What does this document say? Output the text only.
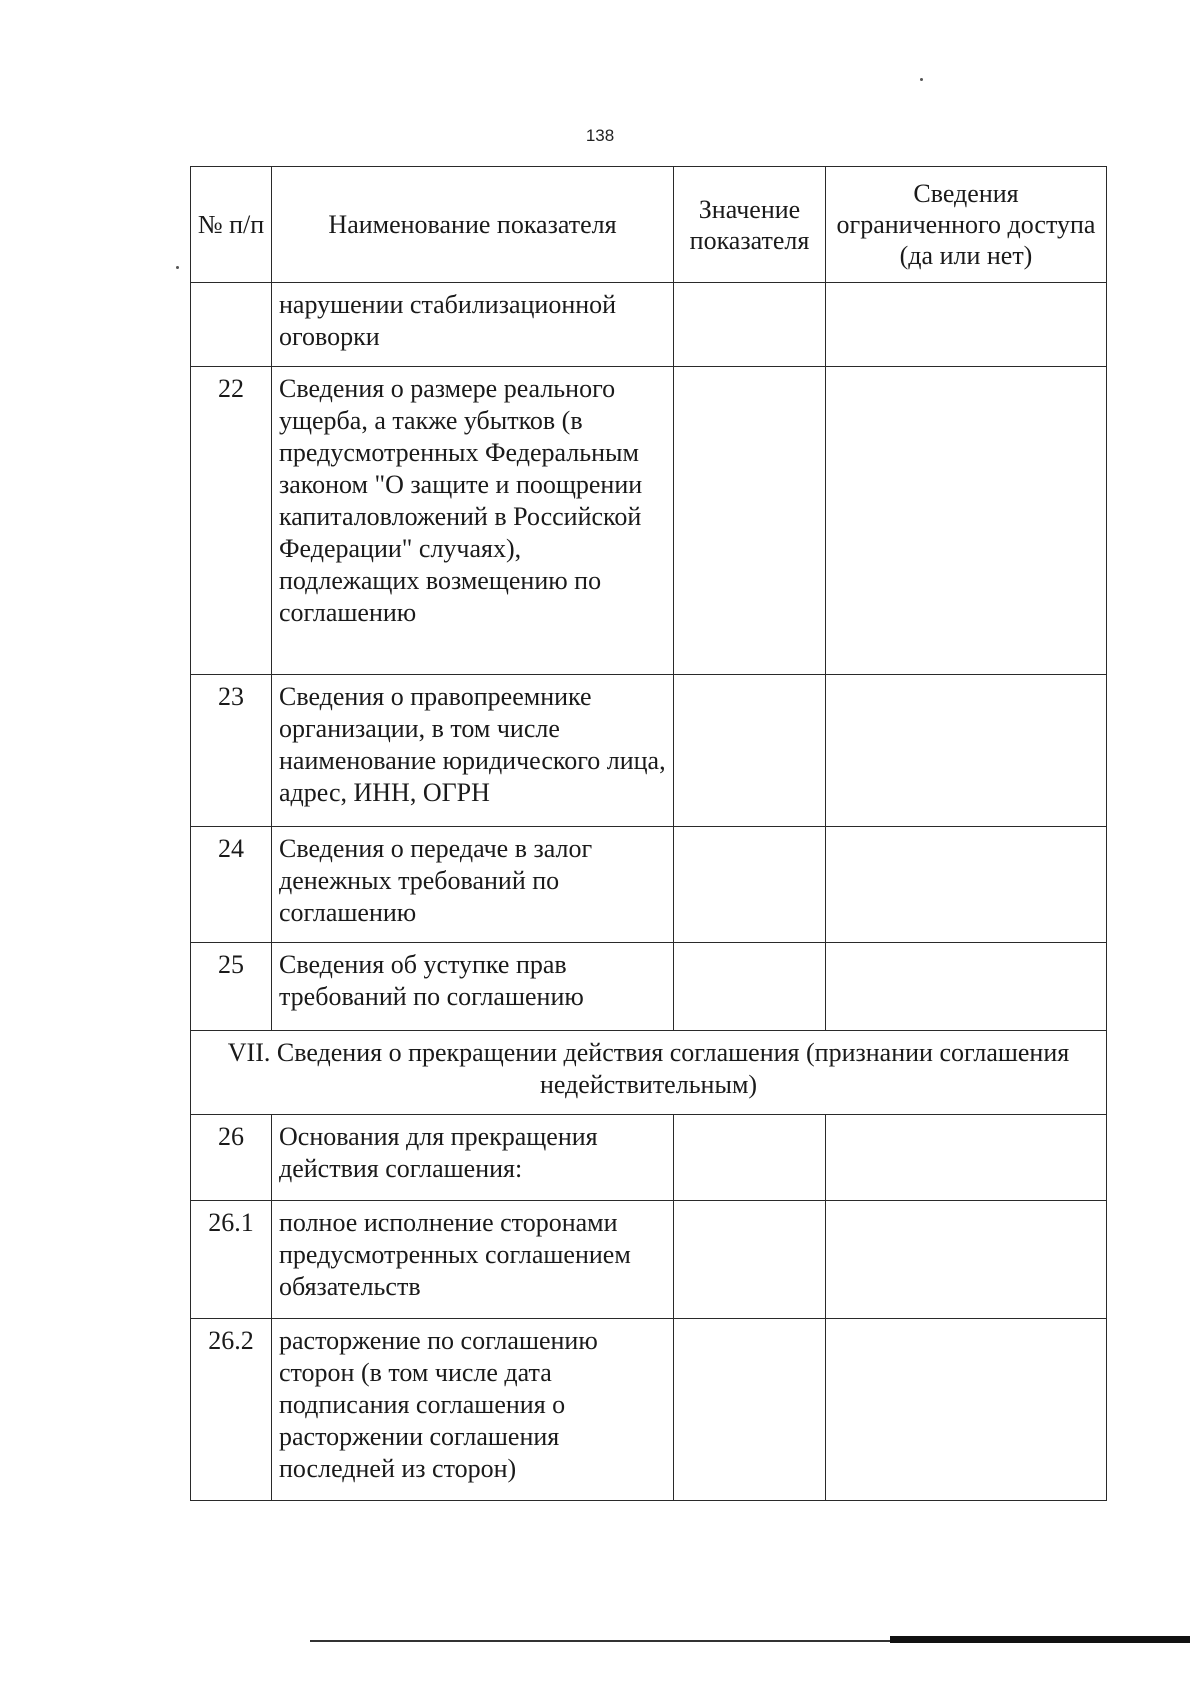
138
№ п/п	Наименование показателя	Значение показателя	Сведения ограниченного доступа (да или нет)
	нарушении стабилизационной оговорки		
22	Сведения о размере реального ущерба, а также убытков (в предусмотренных Федеральным законом "О защите и поощрении капиталовложений в Российской Федерации" случаях), подлежащих возмещению по соглашению		
23	Сведения о правопреемнике организации, в том числе наименование юридического лица, адрес, ИНН, ОГРН		
24	Сведения о передаче в залог денежных требований по соглашению		
25	Сведения об уступке прав требований по соглашению		
VII. Сведения о прекращении действия соглашения (признании соглашения недействительным)			
26	Основания для прекращения действия соглашения:		
26.1	полное исполнение сторонами предусмотренных соглашением обязательств		
26.2	расторжение по соглашению сторон (в том числе дата подписания соглашения о расторжении соглашения последней из сторон)		
